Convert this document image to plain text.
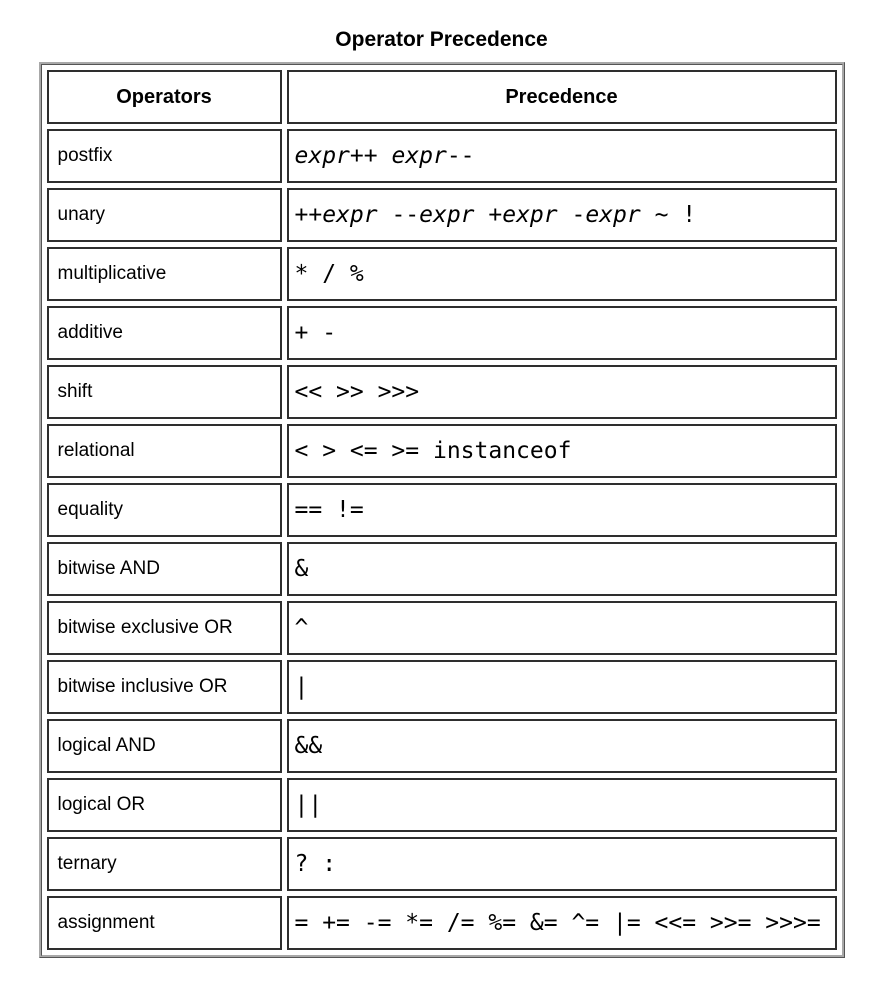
Operator Precedence
Operators	Precedence
postfix	expr++ expr--
unary	++expr --expr +expr -expr ~ !
multiplicative	* / %
additive	+ -
shift	<< >> >>>
relational	< > <= >= instanceof
equality	== !=
bitwise AND	&
bitwise exclusive OR	^
bitwise inclusive OR	|
logical AND	&&
logical OR	||
ternary	? :
assignment	= += -= *= /= %= &= ^= |= <<= >>= >>>=
